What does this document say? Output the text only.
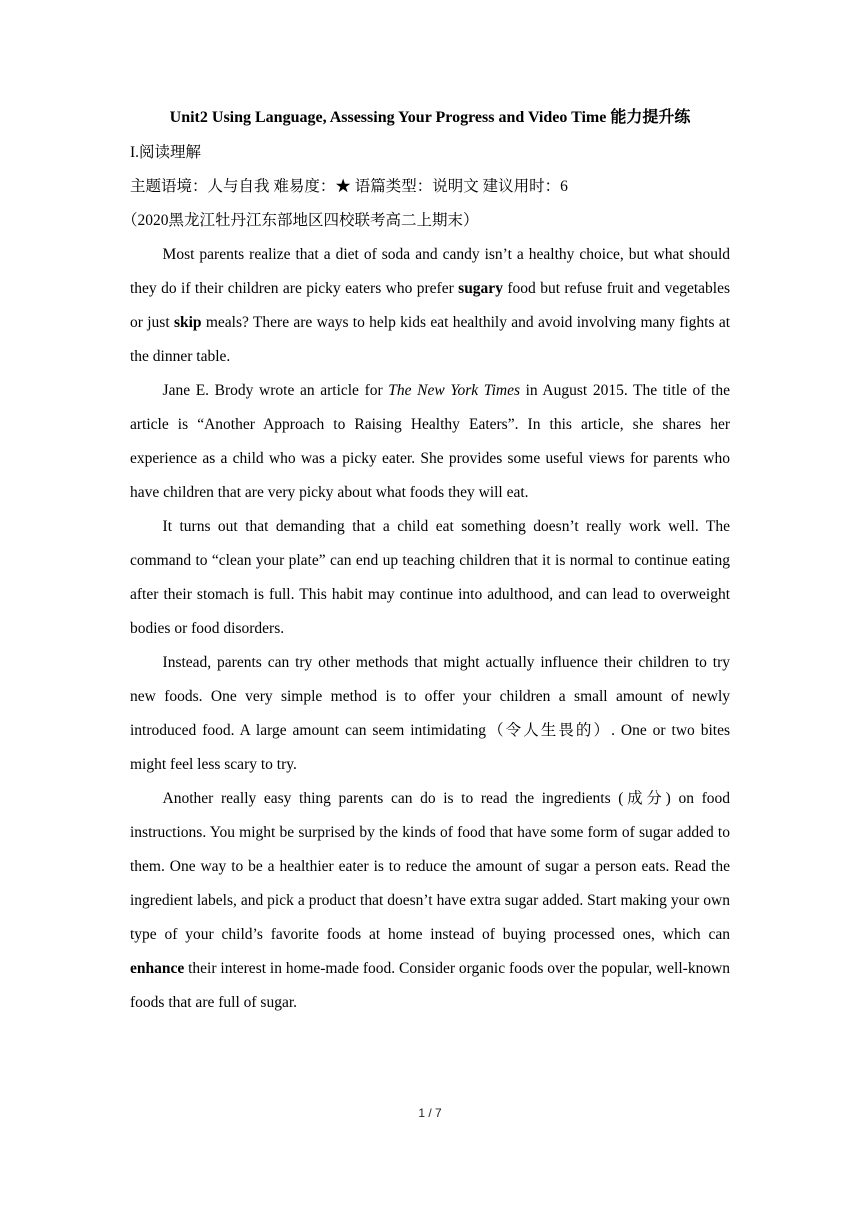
Unit2 Using Language, Assessing Your Progress and Video Time 能力提升练
I.阅读理解
主题语境：人与自我 难易度：★ 语篇类型：说明文 建议用时：6
（2020黑龙江牡丹江东部地区四校联考高二上期末）

Most parents realize that a diet of soda and candy isn’t a healthy choice, but what should they do if their children are picky eaters who prefer sugary food but refuse fruit and vegetables or just skip meals? There are ways to help kids eat healthily and avoid involving many fights at the dinner table.

Jane E. Brody wrote an article for The New York Times in August 2015. The title of the article is “Another Approach to Raising Healthy Eaters”. In this article, she shares her experience as a child who was a picky eater. She provides some useful views for parents who have children that are very picky about what foods they will eat.

It turns out that demanding that a child eat something doesn’t really work well. The command to “clean your plate” can end up teaching children that it is normal to continue eating after their stomach is full. This habit may continue into adulthood, and can lead to overweight bodies or food disorders.

Instead, parents can try other methods that might actually influence their children to try new foods. One very simple method is to offer your children a small amount of newly introduced food. A large amount can seem intimidating（令人生畏的）. One or two bites might feel less scary to try.

Another really easy thing parents can do is to read the ingredients (成分) on food instructions. You might be surprised by the kinds of food that have some form of sugar added to them. One way to be a healthier eater is to reduce the amount of sugar a person eats. Read the ingredient labels, and pick a product that doesn’t have extra sugar added. Start making your own type of your child’s favorite foods at home instead of buying processed ones, which can enhance their interest in home-made food. Consider organic foods over the popular, well-known foods that are full of sugar.

1 / 7
